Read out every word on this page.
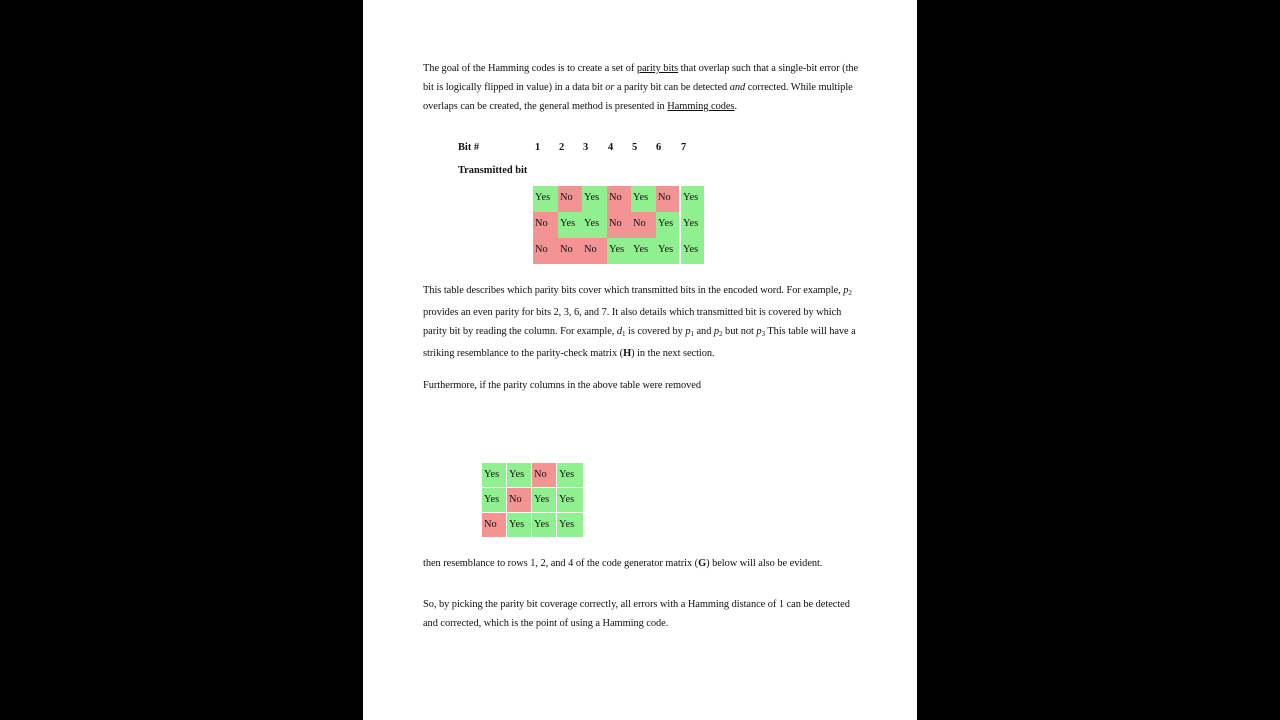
The goal of the Hamming codes is to create a set of parity bits that overlap such that a single-bit error (the bit is logically flipped in value) in a data bit or a parity bit can be detected and corrected. While multiple overlaps can be created, the general method is presented in Hamming codes.

Bit #	1 2 3 4 5 6 7
Transmitted bit
Yes No	Yes No	Yes No	Yes
No	Yes Yes No	No	Yes Yes
No	No	No	Yes Yes Yes Yes

This table describes which parity bits cover which transmitted bits in the encoded word. For example, $p_2$ provides an even parity for bits 2, 3, 6, and 7. It also details which transmitted bit is covered by which parity bit by reading the column. For example, $d_1$ is covered by $p_1$ and $p_2$ but not $p_3$ This table will have a striking resemblance to the parity-check matrix (H) in the next section.

Furthermore, if the parity columns in the above table were removed

Yes Yes No	Yes
Yes No	Yes Yes
No	Yes Yes Yes

then resemblance to rows 1, 2, and 4 of the code generator matrix (G) below will also be evident.

So, by picking the parity bit coverage correctly, all errors with a Hamming distance of 1 can be detected and corrected, which is the point of using a Hamming code.
